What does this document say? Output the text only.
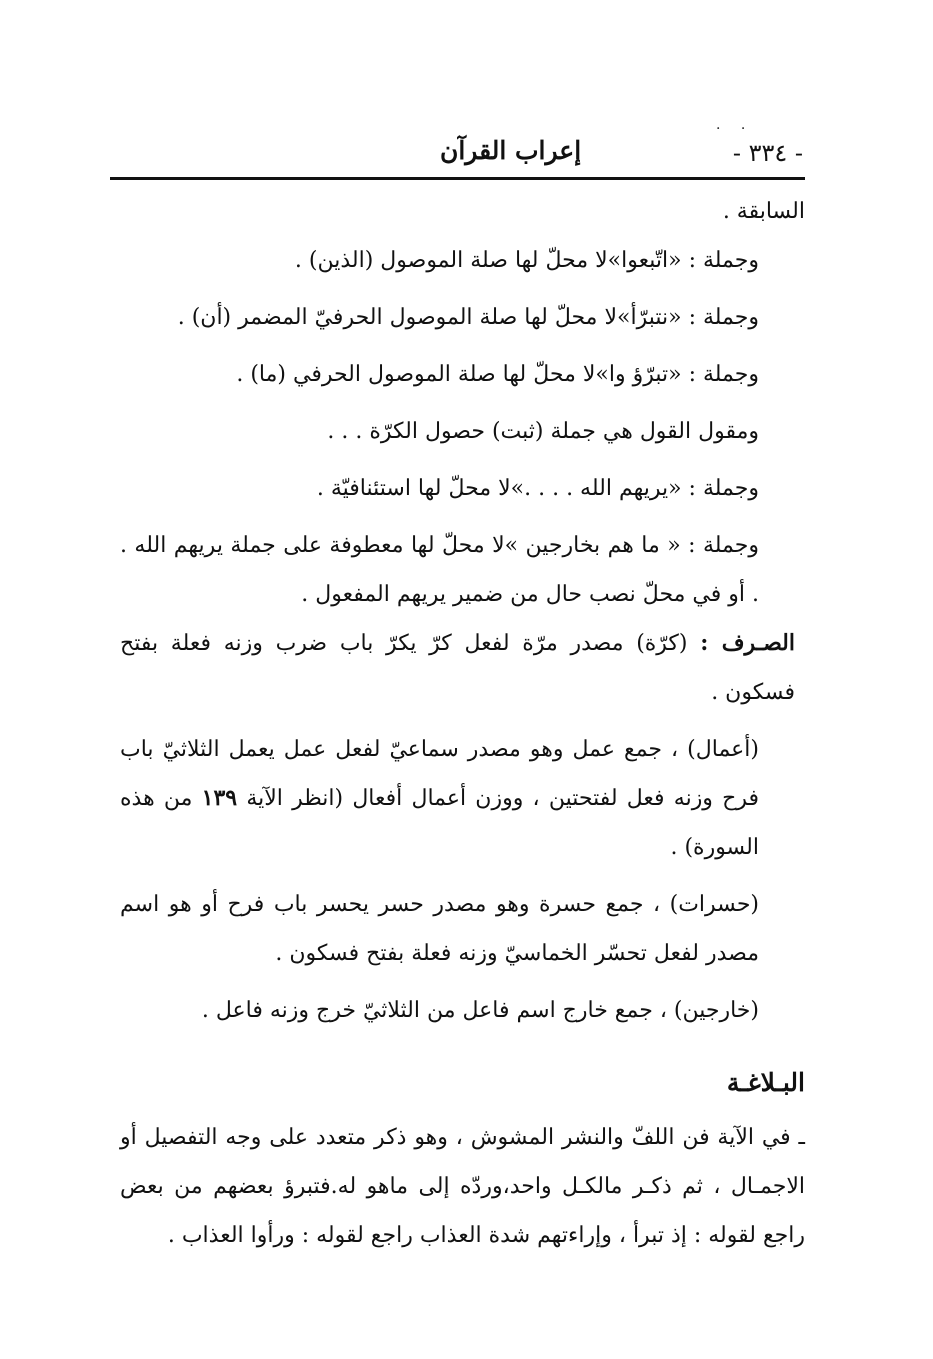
· ·
إعراب القرآن	- ٣٣٤ -

السابقة .

وجملة : «اتّبعوا»لا محلّ لها صلة الموصول (الذين) .

وجملة : «نتبرّأ»لا محلّ لها صلة الموصول الحرفيّ المضمر (أن) .

وجملة : «تبرّؤ وا»لا محلّ لها صلة الموصول الحرفي (ما) .

ومقول القول هي جملة (ثبت) حصول الكرّة . . .

وجملة : «يريهم الله . . . .»لا محلّ لها استئنافيّة .

وجملة : « ما هم بخارجين »لا محلّ لها معطوفة على جملة يريهم الله . . أو في محلّ نصب حال من ضمير يريهم المفعول .

الصـرف : (كرّة) مصدر مرّة لفعل كرّ يكرّ باب ضرب وزنه فعلة بفتح فسكون .

(أعمال) ، جمع عمل وهو مصدر سماعيّ لفعل عمل يعمل الثلاثيّ باب فرح وزنه فعل لفتحتين ، ووزن أعمال أفعال (انظر الآية ١٣٩ من هذه السورة) .

(حسرات) ، جمع حسرة وهو مصدر حسر يحسر باب فرح أو هو اسم مصدر لفعل تحسّر الخماسيّ وزنه فعلة بفتح فسكون .

(خارجين) ، جمع خارج اسم فاعل من الثلاثيّ خرج وزنه فاعل .

البـلاغـة

ـ في الآية فن اللفّ والنشر المشوش ، وهو ذكر متعدد على وجه التفصيل أو الاجمـال ، ثم ذكـر مالكـل واحد،وردّه إلى ماهو له.فتبرؤ بعضهم من بعض راجع لقوله : إذ تبرأ ، وإراءتهم شدة العذاب راجع لقوله : ورأوا العذاب .
